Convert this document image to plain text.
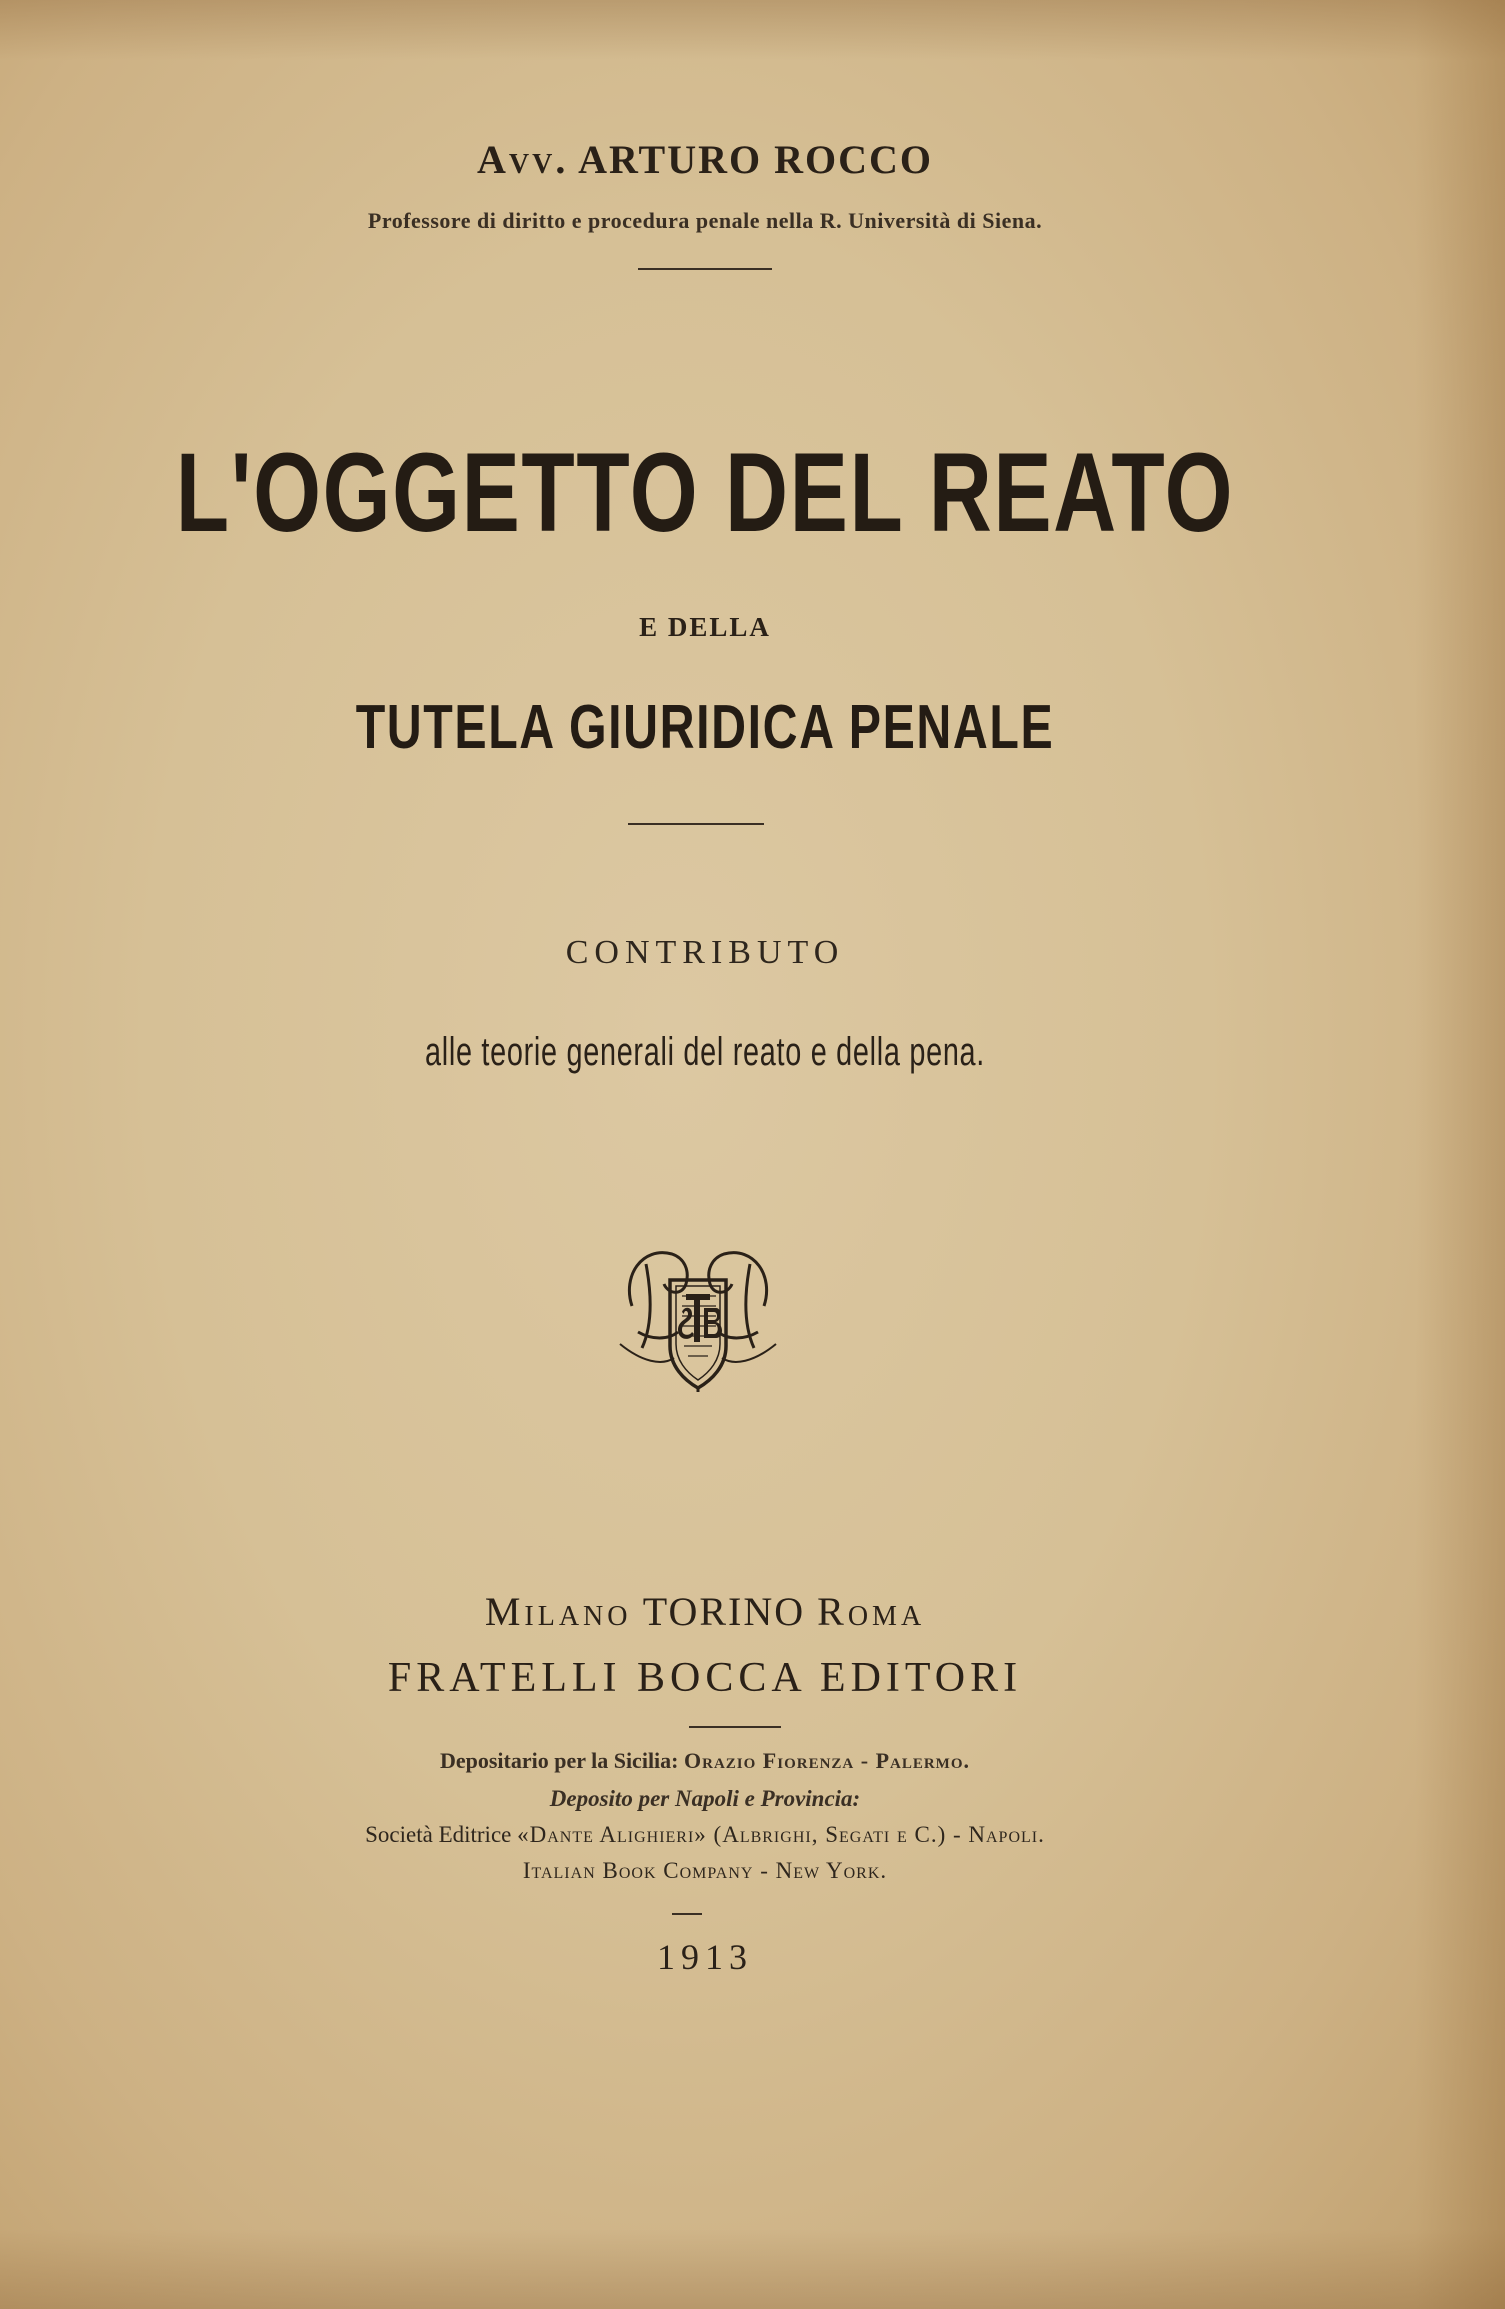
Avv. ARTURO ROCCO
Professore di diritto e procedura penale nella R. Università di Siena.
L'OGGETTO DEL REATO
E DELLA
TUTELA GIURIDICA PENALE
CONTRIBUTO
alle teorie generali del reato e della pena.
Milano TORINO Roma
FRATELLI BOCCA EDITORI
Depositario per la Sicilia: Orazio Fiorenza - Palermo.
Deposito per Napoli e Provincia:
Società Editrice «Dante Alighieri» (Albrighi, Segati e C.) - Napoli.
Italian Book Company - New York.
1913
